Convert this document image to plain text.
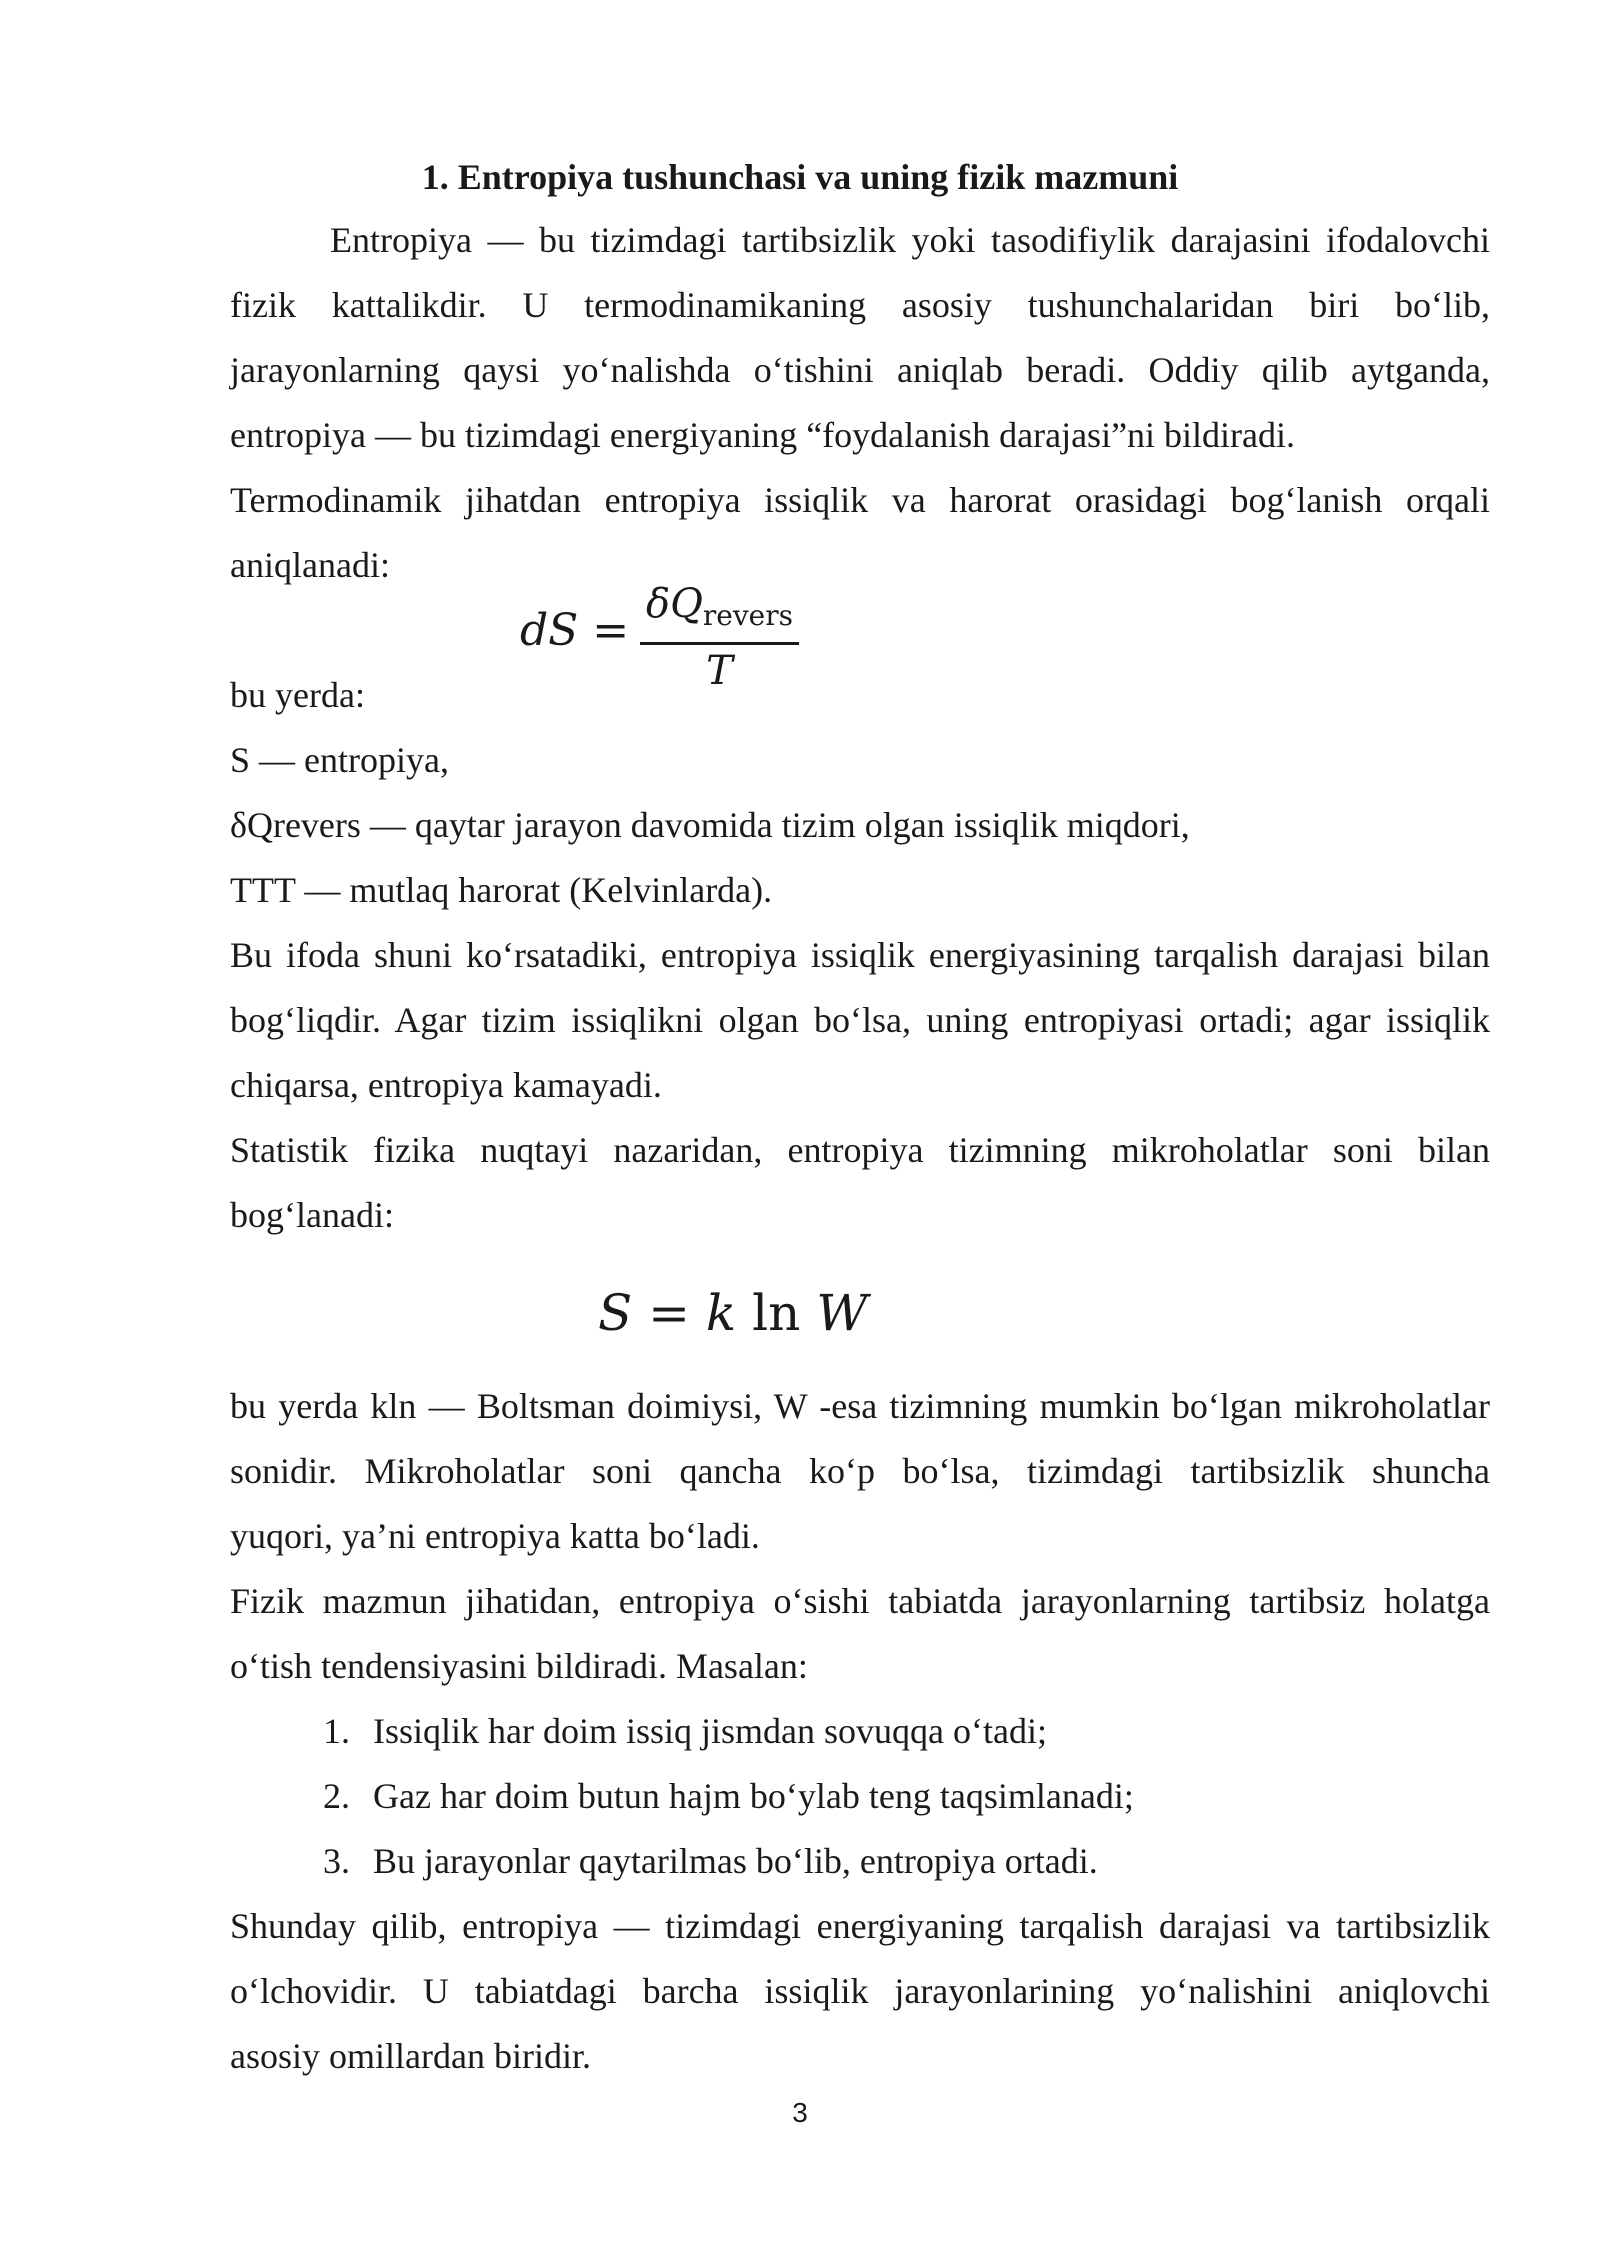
1. Entropiya tushunchasi va uning fizik mazmuni
Entropiya — bu tizimdagi tartibsizlik yoki tasodifiylik darajasini ifodalovchi
fizik kattalikdir. U termodinamikaning asosiy tushunchalaridan biri bo‘lib,
jarayonlarning qaysi yo‘nalishda o‘tishini aniqlab beradi. Oddiy qilib aytganda,
entropiya — bu tizimdagi energiyaning “foydalanish darajasi”ni bildiradi.
Termodinamik jihatdan entropiya issiqlik va harorat orasidagi bog‘lanish orqali
aniqlanadi:
dS =
$\delta Q_{revers}$
T
bu yerda:
S — entropiya,
δQrevers — qaytar jarayon davomida tizim olgan issiqlik miqdori,
TTT — mutlaq harorat (Kelvinlarda).
Bu ifoda shuni ko‘rsatadiki, entropiya issiqlik energiyasining tarqalish darajasi bilan
bog‘liqdir. Agar tizim issiqlikni olgan bo‘lsa, uning entropiyasi ortadi; agar issiqlik
chiqarsa, entropiya kamayadi.
Statistik fizika nuqtayi nazaridan, entropiya tizimning mikroholatlar soni bilan
bog‘lanadi:
S = k ln W
bu yerda kln — Boltsman doimiysi, W -esa tizimning mumkin bo‘lgan mikroholatlar
sonidir. Mikroholatlar soni qancha ko‘p bo‘lsa, tizimdagi tartibsizlik shuncha
yuqori, ya’ni entropiya katta bo‘ladi.
Fizik mazmun jihatidan, entropiya o‘sishi tabiatda jarayonlarning tartibsiz holatga
o‘tish tendensiyasini bildiradi. Masalan:
1. Issiqlik har doim issiq jismdan sovuqqa o‘tadi;
2. Gaz har doim butun hajm bo‘ylab teng taqsimlanadi;
3. Bu jarayonlar qaytarilmas bo‘lib, entropiya ortadi.
Shunday qilib, entropiya — tizimdagi energiyaning tarqalish darajasi va tartibsizlik
o‘lchovidir. U tabiatdagi barcha issiqlik jarayonlarining yo‘nalishini aniqlovchi
asosiy omillardan biridir.
3
